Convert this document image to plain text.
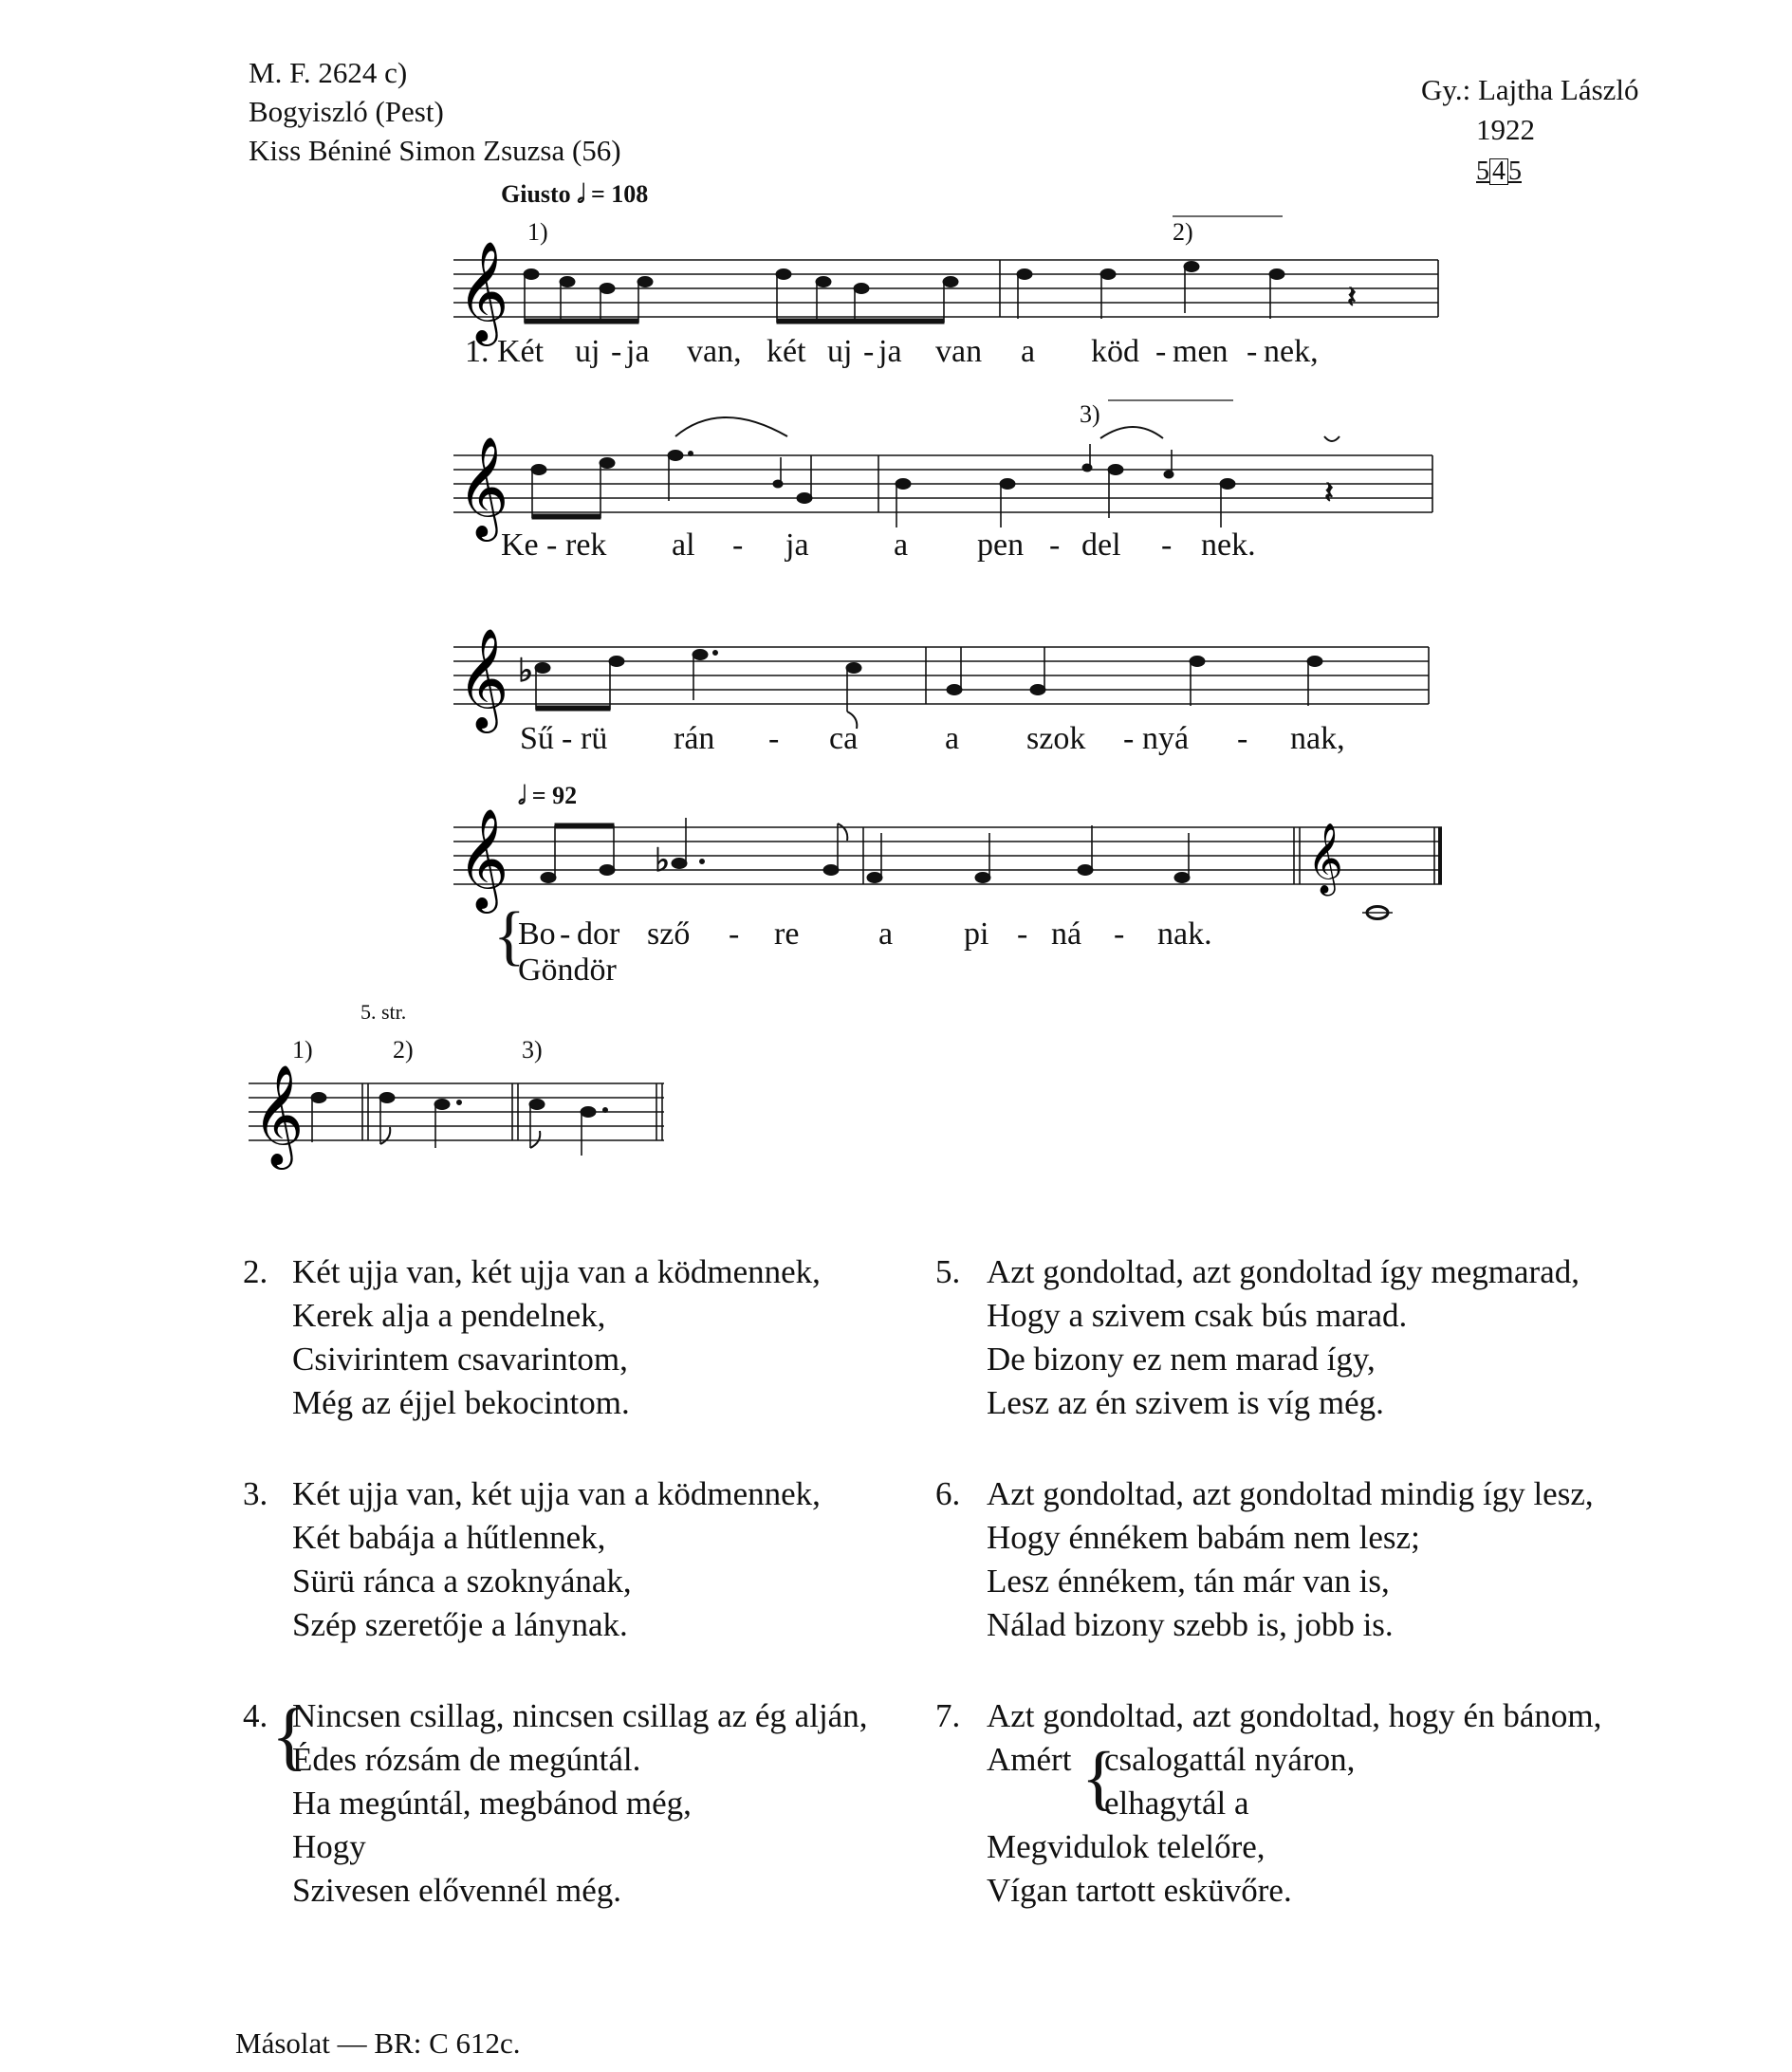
M. F. 2624 c)
Bogyiszló (Pest)
Kiss Béniné Simon Zsuzsa (56)
Gy.: Lajtha László
1922
5 4 5
Giusto 𝅗𝅥 = 108
𝅗𝅥 = 92
1)	2)
3)
𝄞	𝄽
𝄞	𝄽
𝄞 ♭
𝄞	𝄞
♭
𝄞
1. Két uj - ja van, két uj - ja van a köd - men - nek,
Ke - rek al - ja	a pen - del - nek.
Sű - rü rán - ca	a szok - nyá - nak,
{
Bo - dor sző - re a pi - ná - nak.
Göndör
5. str.
1)	2)	3)
2. Két ujja van, két ujja van a ködmennek,
Kerek alja a pendelnek,
Csivirintem csavarintom,
Még az éjjel bekocintom.
3. Két ujja van, két ujja van a ködmennek,
Két babája a hűtlennek,
Sürü ránca a szoknyának,
Szép szeretője a lánynak.
4. {
Nincsen csillag, nincsen csillag az ég alján,
Édes rózsám de megúntál.
Ha megúntál, megbánod még,
Hogy
Szivesen elővennél még.
5. Azt gondoltad, azt gondoltad így megmarad,
Hogy a szivem csak bús marad.
De bizony ez nem marad így,
Lesz az én szivem is víg még.
6. Azt gondoltad, azt gondoltad mindig így lesz,
Hogy énnékem babám nem lesz;
Lesz énnékem, tán már van is,
Nálad bizony szebb is, jobb is.
7. Azt gondoltad, azt gondoltad, hogy én bánom,
Amért {
csalogattál nyáron,
elhagytál a
Megvidulok telelőre,
Vígan tartott esküvőre.
Másolat — BR: C 612c.
